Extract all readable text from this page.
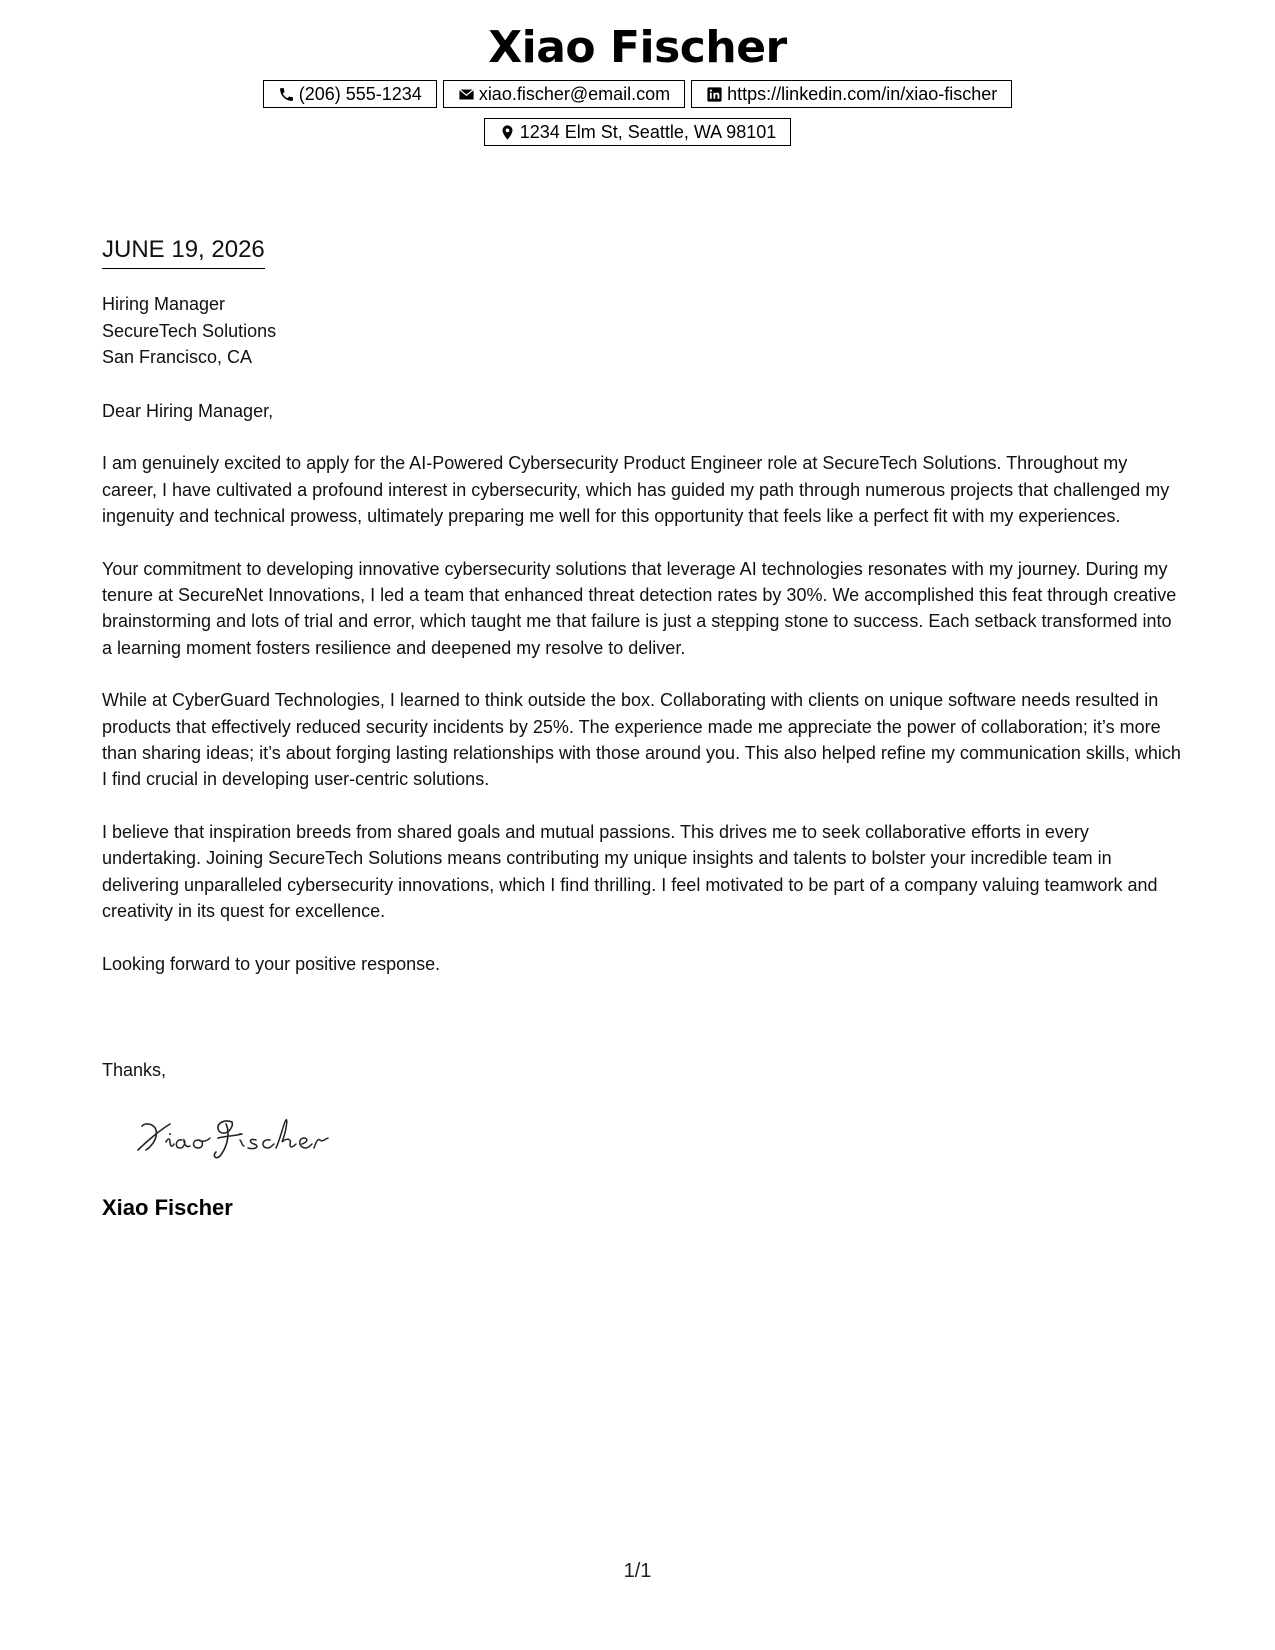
Xiao Fischer
(206) 555-1234	xiao.fischer@email.com	https://linkedin.com/in/xiao-fischer
1234 Elm St, Seattle, WA 98101
JUNE 19, 2026
Hiring Manager
SecureTech Solutions
San Francisco, CA

Dear Hiring Manager,

I am genuinely excited to apply for the AI-Powered Cybersecurity Product Engineer role at SecureTech Solutions. Throughout my career, I have cultivated a profound interest in cybersecurity, which has guided my path through numerous projects that challenged my ingenuity and technical prowess, ultimately preparing me well for this opportunity that feels like a perfect fit with my experiences.

Your commitment to developing innovative cybersecurity solutions that leverage AI technologies resonates with my journey. During my tenure at SecureNet Innovations, I led a team that enhanced threat detection rates by 30%. We accomplished this feat through creative brainstorming and lots of trial and error, which taught me that failure is just a stepping stone to success. Each setback transformed into a learning moment fosters resilience and deepened my resolve to deliver.

While at CyberGuard Technologies, I learned to think outside the box. Collaborating with clients on unique software needs resulted in products that effectively reduced security incidents by 25%. The experience made me appreciate the power of collaboration; it’s more than sharing ideas; it’s about forging lasting relationships with those around you. This also helped refine my communication skills, which I find crucial in developing user-centric solutions.

I believe that inspiration breeds from shared goals and mutual passions. This drives me to seek collaborative efforts in every undertaking. Joining SecureTech Solutions means contributing my unique insights and talents to bolster your incredible team in delivering unparalleled cybersecurity innovations, which I find thrilling. I feel motivated to be part of a company valuing teamwork and creativity in its quest for excellence.

Looking forward to your positive response.

Thanks,
Xiao Fischer
1/1
